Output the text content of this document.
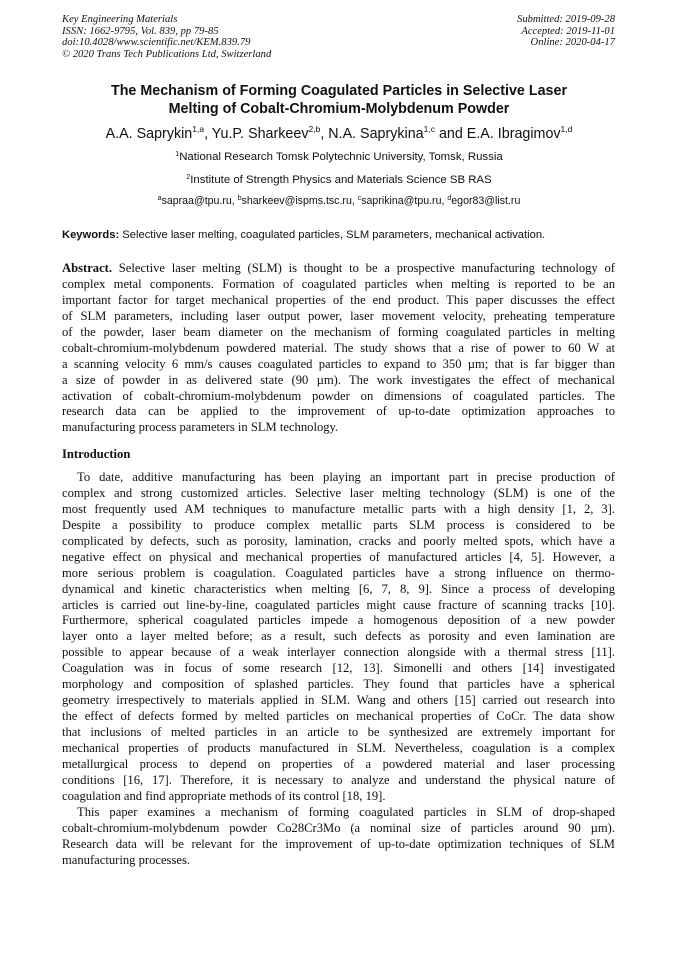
Key Engineering Materials
ISSN: 1662-9795, Vol. 839, pp 79-85
doi:10.4028/www.scientific.net/KEM.839.79
© 2020 Trans Tech Publications Ltd, Switzerland
Submitted: 2019-09-28
Accepted: 2019-11-01
Online: 2020-04-17
The Mechanism of Forming Coagulated Particles in Selective Laser
Melting of Cobalt-Chromium-Molybdenum Powder
A.A. Saprykin$^{1,a}$, Yu.P. Sharkeev$^{2,b}$, N.A. Saprykina$^{1,c}$ and E.A. Ibragimov$^{1,d}$
$^1$National Research Tomsk Polytechnic University, Tomsk, Russia
$^2$Institute of Strength Physics and Materials Science SB RAS
$^a$sapraa@tpu.ru, $^b$sharkeev@ispms.tsc.ru, $^c$saprikina@tpu.ru, $^d$egor83@list.ru
Keywords: Selective laser melting, coagulated particles, SLM parameters, mechanical activation.
Abstract. Selective laser melting (SLM) is thought to be a prospective manufacturing technology of
complex metal components. Formation of coagulated particles when melting is reported to be an
important factor for target mechanical properties of the end product. This paper discusses the effect
of SLM parameters, including laser output power, laser movement velocity, preheating temperature
of the powder, laser beam diameter on the mechanism of forming coagulated particles in melting
cobalt-chromium-molybdenum powdered material. The study shows that a rise of power to 60 W at
a scanning velocity 6 mm/s causes coagulated particles to expand to 350 µm; that is far bigger than
a size of powder in as delivered state (90 µm). The work investigates the effect of mechanical
activation of cobalt-chromium-molybdenum powder on dimensions of coagulated particles. The
research data can be applied to the improvement of up-to-date optimization approaches to
manufacturing process parameters in SLM technology.
Introduction
To date, additive manufacturing has been playing an important part in precise production of
complex and strong customized articles. Selective laser melting technology (SLM) is one of the
most frequently used AM techniques to manufacture metallic parts with a high density [1, 2, 3].
Despite a possibility to produce complex metallic parts SLM process is considered to be
complicated by defects, such as porosity, lamination, cracks and poorly melted spots, which have a
negative effect on physical and mechanical properties of manufactured articles [4, 5]. However, a
more serious problem is coagulation. Coagulated particles have a strong influence on thermo-
dynamical and kinetic characteristics when melting [6, 7, 8, 9]. Since a process of developing
articles is carried out line-by-line, coagulated particles might cause fracture of scanning tracks [10].
Furthermore, spherical coagulated particles impede a homogenous deposition of a new powder
layer onto a layer melted before; as a result, such defects as porosity and even lamination are
possible to appear because of a weak interlayer connection alongside with a thermal stress [11].
Coagulation was in focus of some research [12, 13]. Simonelli and others [14] investigated
morphology and composition of splashed particles. They found that particles have a spherical
geometry irrespectively to materials applied in SLM. Wang and others [15] carried out research into
the effect of defects formed by melted particles on mechanical properties of CoCr. The data show
that inclusions of melted particles in an article to be synthesized are extremely important for
mechanical properties of products manufactured in SLM. Nevertheless, coagulation is a complex
metallurgical process to depend on properties of a powdered material and laser processing
conditions [16, 17]. Therefore, it is necessary to analyze and understand the physical nature of
coagulation and find appropriate methods of its control [18, 19].
This paper examines a mechanism of forming coagulated particles in SLM of drop-shaped
cobalt-chromium-molybdenum powder Co28Cr3Mo (a nominal size of particles around 90 µm).
Research data will be relevant for the improvement of up-to-date optimization techniques of SLM
manufacturing processes.
